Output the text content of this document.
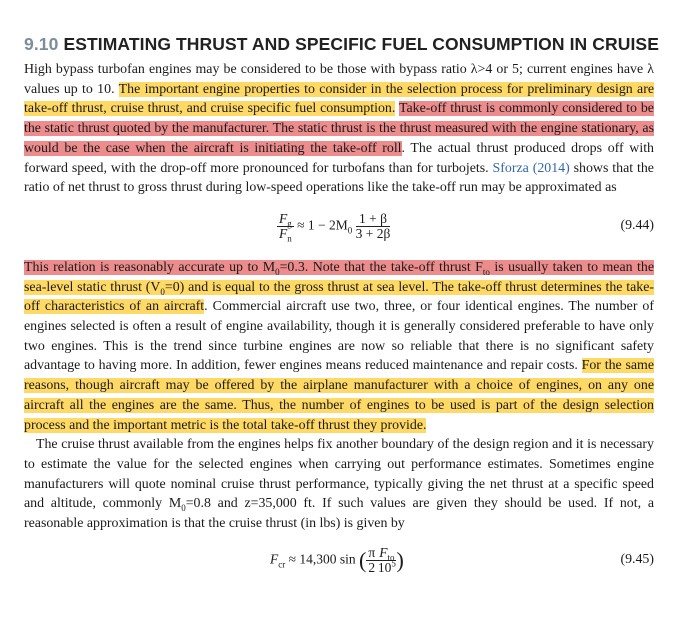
9.10 ESTIMATING THRUST AND SPECIFIC FUEL CONSUMPTION IN CRUISE

High bypass turbofan engines may be considered to be those with bypass ratio λ>4 or 5; current engines have λ values up to 10. The important engine properties to consider in the selection process for preliminary design are take-off thrust, cruise thrust, and cruise specific fuel consumption. Take-off thrust is commonly considered to be the static thrust quoted by the manufacturer. The static thrust is the thrust measured with the engine stationary, as would be the case when the aircraft is initiating the take-off roll. The actual thrust produced drops off with forward speed, with the drop-off more pronounced for turbofans than for turbojets. Sforza (2014) shows that the ratio of net thrust to gross thrust during low-speed operations like the take-off run may be approximated as

$\frac{F_g}{F_n} \approx 1 - 2M_0 \frac{1 + \beta}{3 + 2\beta}$	(9.44)

This relation is reasonably accurate up to $M_0=0.3$. Note that the take-off thrust $F_{to}$ is usually taken to mean the sea-level static thrust $(V_0=0)$ and is equal to the gross thrust at sea level. The take-off thrust determines the take-off characteristics of an aircraft. Commercial aircraft use two, three, or four identical engines. The number of engines selected is often a result of engine availability, though it is generally considered preferable to have only two engines. This is the trend since turbine engines are now so reliable that there is no significant safety advantage to having more. In addition, fewer engines means reduced maintenance and repair costs. For the same reasons, though aircraft may be offered by the airplane manufacturer with a choice of engines, on any one aircraft all the engines are the same. Thus, the number of engines to be used is part of the design selection process and the important metric is the total take-off thrust they provide.

The cruise thrust available from the engines helps fix another boundary of the design region and it is necessary to estimate the value for the selected engines when carrying out performance estimates. Sometimes engine manufacturers will quote nominal cruise thrust performance, typically giving the net thrust at a specific speed and altitude, commonly $M_0=0.8$ and z=35,000 ft. If such values are given they should be used. If not, a reasonable approximation is that the cruise thrust (in lbs) is given by

$F_{cr} \approx 14,300$ sin ( $\frac{\pi}{2} \frac{F_{to}}{10^5}$ )	(9.45)
